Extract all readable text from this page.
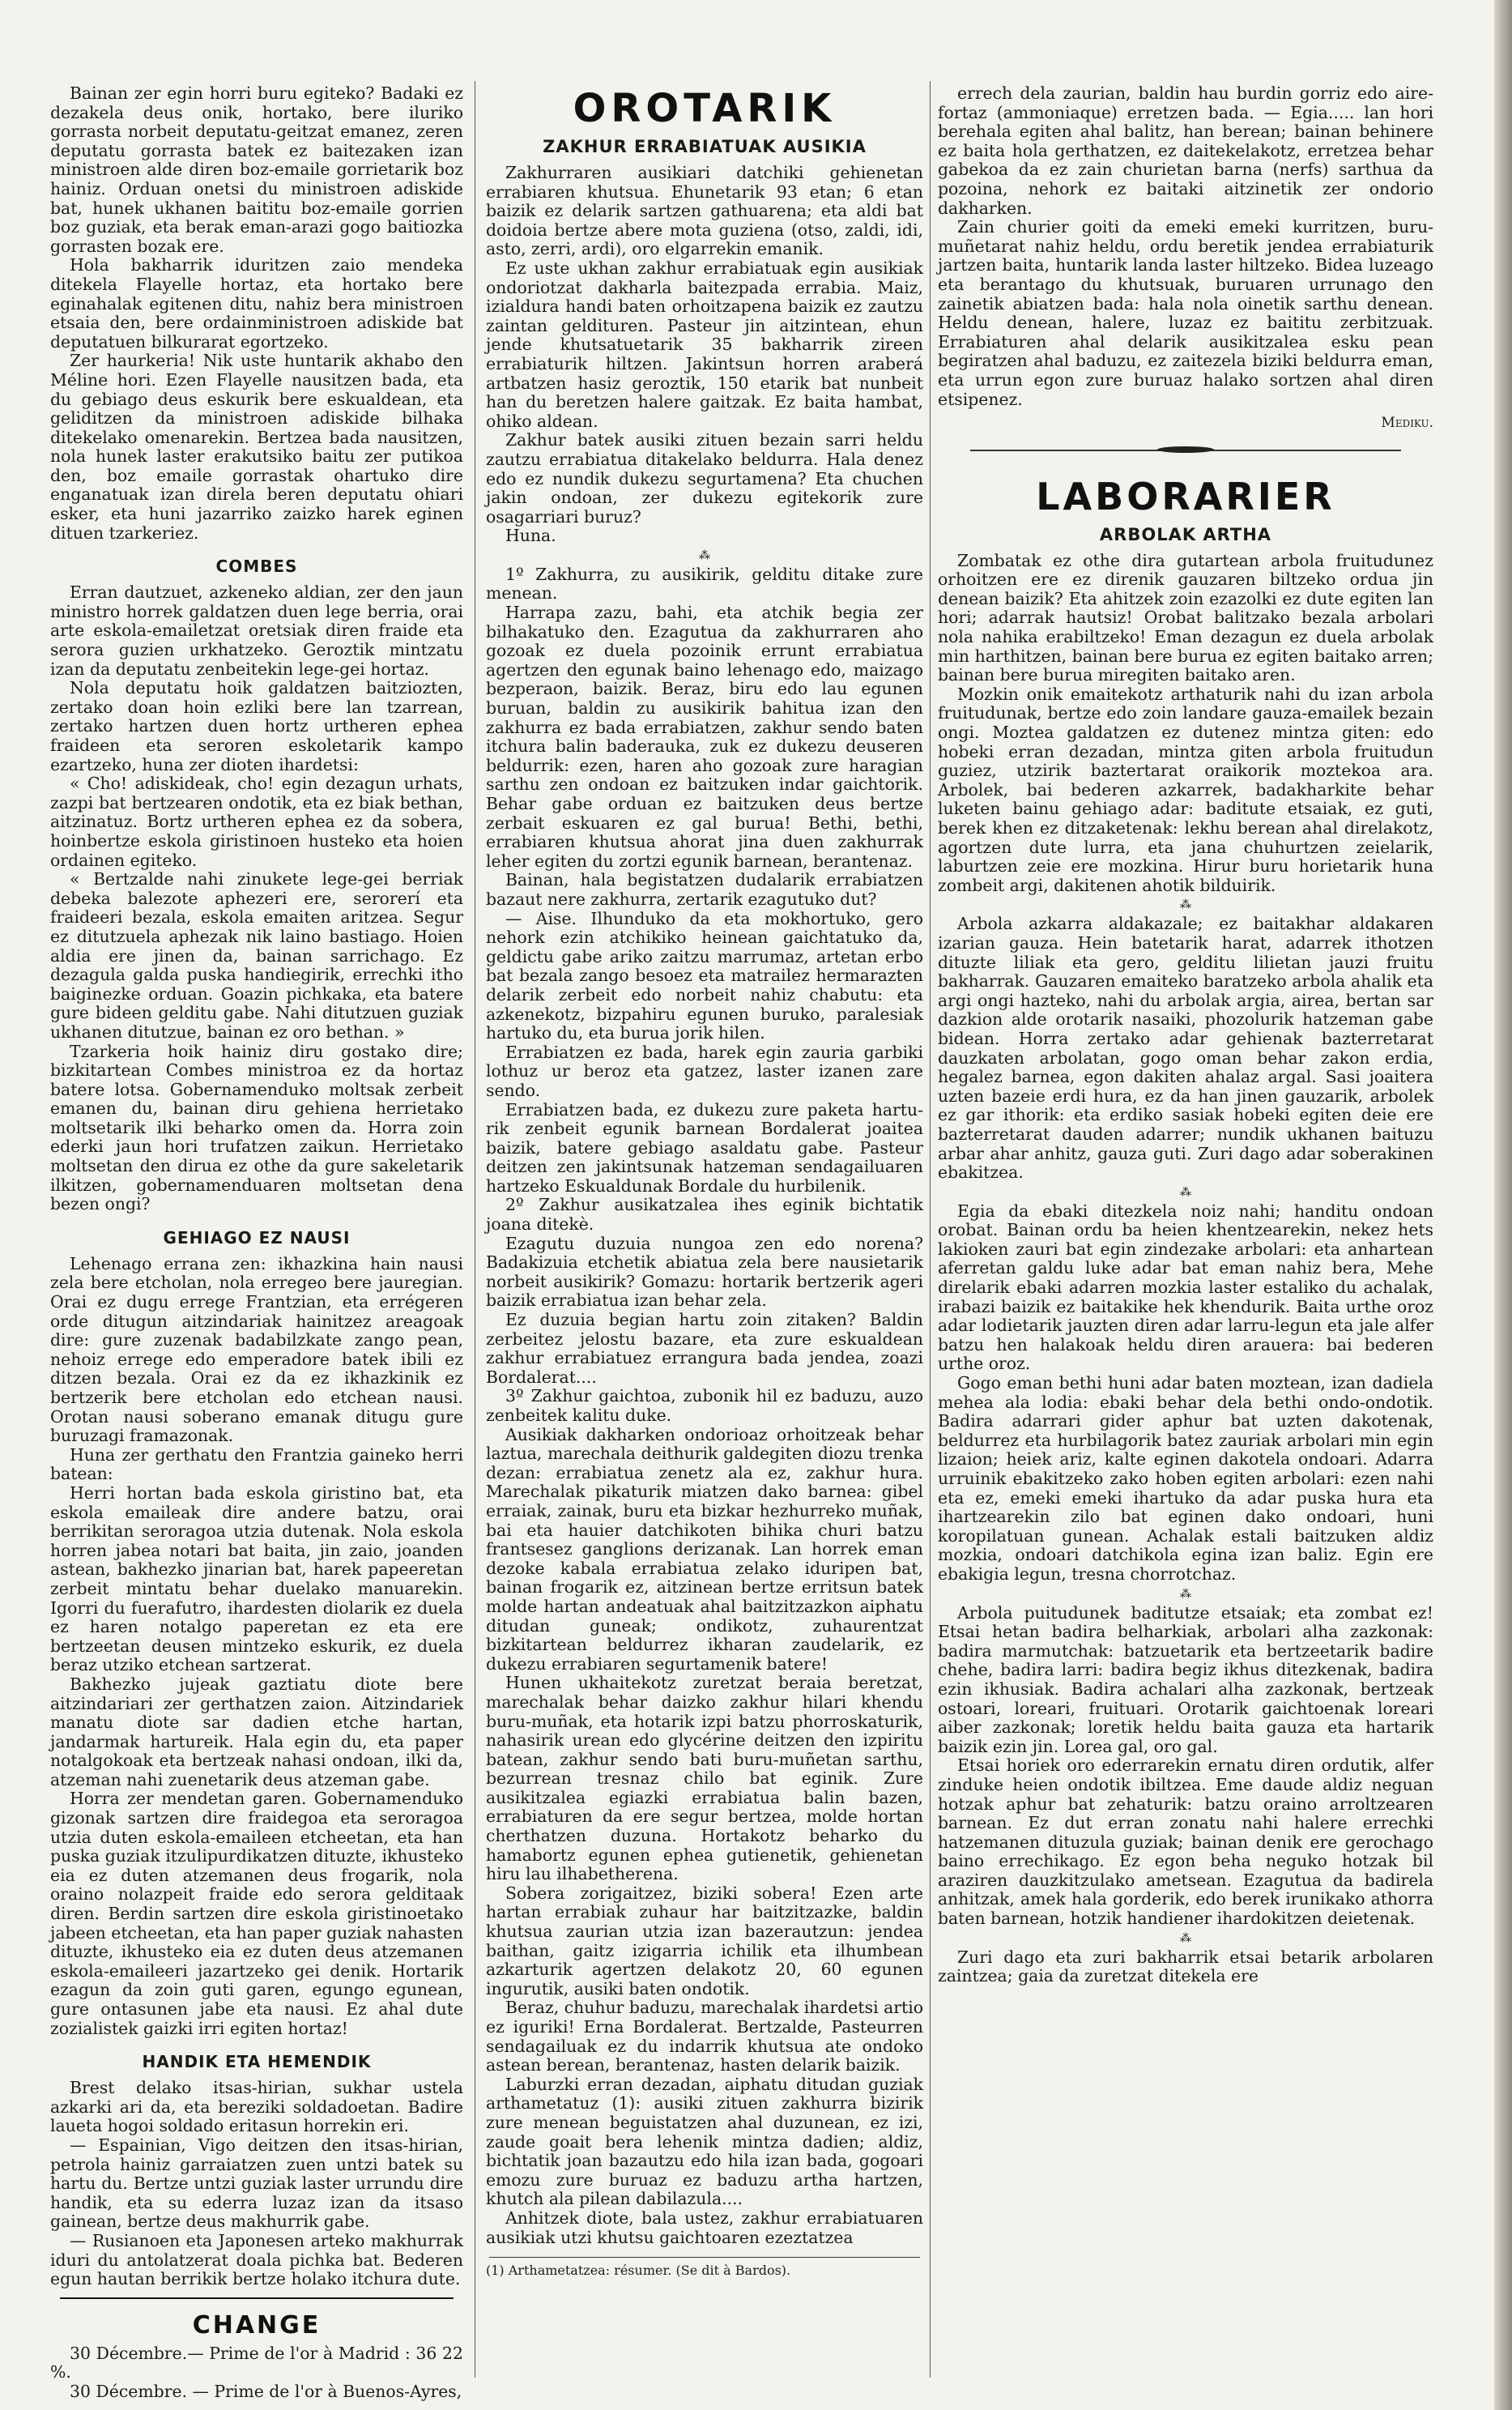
Bainan zer egin horri buru egiteko? Badaki ez dezakela deus onik, hortako, bere iluriko gorrasta norbeit deputatu-geitzat emanez, zeren deputatu gorrasta batek ez baitezaken izan ministroen alde diren boz-emaile gorrietarik boz hainiz. Orduan onetsi du ministroen adiskide bat, hunek ukhanen baititu boz-emaile gorrien boz guziak, eta berak eman-arazi gogo baitiozka gorrasten bozak ere.

Hola bakharrik iduritzen zaio mendeka ditekela Flayelle hortaz, eta hortako bere eginahalak egitenen ditu, nahiz bera ministroen etsaia den, bere ordainministroen adiskide bat deputatuen bilkurarat egortzeko.

Zer haurkeria! Nik uste huntarik akhabo den Méline hori. Ezen Flayelle nausitzen bada, eta du gebiago deus eskurik bere eskualdean, eta geliditzen da ministroen adiskide bilhaka ditekelako omenarekin. Bertzea bada nausitzen, nola hunek laster erakutsiko baitu zer putikoa den, boz emaile gorrastak ohartuko dire enganatuak izan direla beren deputatu ohiari esker, eta huni jazarriko zaizko harek eginen dituen tzarkeriez.

COMBES

Erran dautzuet, azkeneko aldian, zer den jaun ministro horrek galdatzen duen lege berria, orai arte eskola-emailetzat oretsiak diren fraide eta serora guzien urkhatzeko. Geroztik mintzatu izan da deputatu zenbeitekin lege-gei hortaz.

Nola deputatu hoik galdatzen baitziozten, zertako doan hoin ezliki bere lan tzarrean, zertako hartzen duen hortz urtheren ephea fraideen eta seroren eskoletarik kampo ezartzeko, huna zer dioten ihardetsi:

« Cho! adiskideak, cho! egin dezagun urhats, zazpi bat bertzearen ondotik, eta ez biak bethan, aitzinatuz. Bortz urtheren ephea ez da sobera, hoinbertze eskola giristinoen husteko eta hoien ordainen egiteko.

« Bertzalde nahi zinukete lege-gei berriak debeka balezote aphezeri ere, serorerí eta fraideeri bezala, eskola emaiten aritzea. Segur ez ditutzuela aphezak nik laino bastiago. Hoien aldia ere jinen da, bainan sarrichago. Ez dezagula galda puska handiegirik, errechki itho baiginezke orduan. Goazin pichkaka, eta batere gure bideen gelditu gabe. Nahi ditutzuen guziak ukhanen ditutzue, bainan ez oro bethan. »

Tzarkeria hoik hainiz diru gostako dire; bizkitartean Combes ministroa ez da hortaz batere lotsa. Gobernamenduko moltsak zerbeit emanen du, bainan diru gehiena herrietako moltsetarik ilki beharko omen da. Horra zoin ederki jaun hori trufatzen zaikun. Herrietako moltsetan den dirua ez othe da gure sakeletarik ilkitzen, gobernamenduaren moltsetan dena bezen ongi?

GEHIAGO EZ NAUSI

Lehenago errana zen: ikhazkina hain nausi zela bere etcholan, nola erregeo bere jauregian. Orai ez dugu errege Frantzian, eta errégeren orde ditugun aitzindariak hainitzez areagoak dire: gure zuzenak badabilzkate zango pean, nehoiz errege edo emperadore batek ibili ez ditzen bezala. Orai ez da ez ikhazkinik ez bertzerik bere etcholan edo etchean nausi. Orotan nausi soberano emanak ditugu gure buruzagi framazonak.

Huna zer gerthatu den Frantzia gaineko herri batean:

Herri hortan bada eskola giristino bat, eta eskola emaileak dire andere batzu, orai berrikitan seroragoa utzia dutenak. Nola eskola horren jabea notari bat baita, jin zaio, joanden astean, bakhezko jinarian bat, harek papeeretan zerbeit mintatu behar duelako manuarekin. Igorri du fuerafutro, ihardesten diolarik ez duela ez haren notalgo paperetan ez eta ere bertzeetan deusen mintzeko eskurik, ez duela beraz utziko etchean sartzerat.

Bakhezko jujeak gaztiatu diote bere aitzindariari zer gerthatzen zaion. Aitzindariek manatu diote sar dadien etche hartan, jandarmak hartureik. Hala egin du, eta paper notalgokoak eta bertzeak nahasi ondoan, ilki da, atzeman nahi zuenetarik deus atzeman gabe.

Horra zer mendetan garen. Gobernamenduko gizonak sartzen dire fraidegoa eta seroragoa utzia duten eskola-emaileen etcheetan, eta han puska guziak itzulipurdikatzen dituzte, ikhusteko eia ez duten atzemanen deus frogarik, nola oraino nolazpeit fraide edo serora gelditaak diren. Berdin sartzen dire eskola giristinoetako jabeen etcheetan, eta han paper guziak nahasten dituzte, ikhusteko eia ez duten deus atzemanen eskola-emaileeri jazartzeko gei denik. Hortarik ezagun da zoin guti garen, egungo egunean, gure ontasunen jabe eta nausi. Ez ahal dute zozialistek gaizki irri egiten hortaz!

HANDIK ETA HEMENDIK

Brest delako itsas-hirian, sukhar ustela azkarki ari da, eta bereziki soldadoetan. Badire laueta hogoi soldado eritasun horrekin eri.

— Espainian, Vigo deitzen den itsas-hirian, petrola hainiz garraiatzen zuen untzi batek su hartu du. Bertze untzi guziak laster urrundu dire handik, eta su ederra luzaz izan da itsaso gainean, bertze deus makhurrik gabe.

— Rusianoen eta Japonesen arteko makhurrak iduri du antolatzerat doala pichka bat. Bederen egun hautan berrikik bertze holako itchura dute.

CHANGE

30 Décembre.— Prime de l'or à Madrid : 36 22 %.

30 Décembre. — Prime de l'or à Buenos-Ayres,

OROTARIK
ZAKHUR ERRABIATUAK AUSIKIA

Zakhurraren ausikiari datchiki gehienetan errabiaren khutsua. Ehunetarik 93 etan; 6 etan baizik ez delarik sartzen gathuarena; eta aldi bat doidoia bertze abere mota guziena (otso, zaldi, idi, asto, zerri, ardi), oro elgarrekin emanik.

Ez uste ukhan zakhur errabiatuak egin ausikiak ondoriotzat dakharla baitezpada errabia. Maiz, izialdura handi baten orhoitzapena baizik ez zautzu zaintan geldituren. Pasteur jin aitzintean, ehun jende khutsatuetarik 35 bakharrik zireen errabiaturik hiltzen. Jakintsun horren araberá artbatzen hasiz geroztik, 150 etarik bat nunbeit han du beretzen halere gaitzak. Ez baita hambat, ohiko aldean.

Zakhur batek ausiki zituen bezain sarri heldu zautzu errabiatua ditakelako beldurra. Hala denez edo ez nundik dukezu segurtamena? Eta chuchen jakin ondoan, zer dukezu egitekorik zure osagarriari buruz?

Huna.

⁂

1º Zakhurra, zu ausikirik, gelditu ditake zure menean.

Harrapa zazu, bahi, eta atchik begia zer bilhakatuko den. Ezagutua da zakhurraren aho gozoak ez duela pozoinik errunt errabiatua agertzen den egunak baino lehenago edo, maizago bezperaon, baizik. Beraz, biru edo lau egunen buruan, baldin zu ausikirik bahitua izan den zakhurra ez bada errabiatzen, zakhur sendo baten itchura balin baderauka, zuk ez dukezu deuseren beldurrik: ezen, haren aho gozoak zure haragian sarthu zen ondoan ez baitzuken indar gaichtorik. Behar gabe orduan ez baitzuken deus bertze zerbait eskuaren ez gal burua! Bethi, bethi, errabiaren khutsua ahorat jina duen zakhurrak leher egiten du zortzi egunik barnean, berantenaz.

Bainan, hala begistatzen dudalarik errabiatzen bazaut nere zakhurra, zertarik ezagutuko dut?

— Aise. Ilhunduko da eta mokhortuko, gero nehork ezin atchikiko heinean gaichtatuko da, geldictu gabe ariko zaitzu marrumaz, artetan erbo bat bezala zango besoez eta matrailez hermarazten delarik zerbeit edo norbeit nahiz chabutu: eta azkenekotz, bizpahiru egunen buruko, paralesiak hartuko du, eta burua jorik hilen.

Errabiatzen ez bada, harek egin zauria garbiki lothuz ur beroz eta gatzez, laster izanen zare sendo.

Errabiatzen bada, ez dukezu zure paketa hartu-rik zenbeit egunik barnean Bordalerat joaitea baizik, batere gebiago asaldatu gabe. Pasteur deitzen zen jakintsunak hatzeman sendagailuaren hartzeko Eskualdunak Bordale du hurbilenik.

2º Zakhur ausikatzalea ihes eginik bichtatik joana ditekè.

Ezagutu duzuia nungoa zen edo norena? Badakizuia etchetik abiatua zela bere nausietarik norbeit ausikirik? Gomazu: hortarik bertzerik ageri baizik errabiatua izan behar zela.

Ez duzuia begian hartu zoin zitaken? Baldin zerbeitez jelostu bazare, eta zure eskualdean zakhur errabiatuez errangura bada jendea, zoazi Bordalerat....

3º Zakhur gaichtoa, zubonik hil ez baduzu, auzo zenbeitek kalitu duke.

Ausikiak dakharken ondorioaz orhoitzeak behar laztua, marechala deithurik galdegiten diozu trenka dezan: errabiatua zenetz ala ez, zakhur hura. Marechalak pikaturik miatzen dako barnea: gibel erraiak, zainak, buru eta bizkar hezhurreko muñak, bai eta hauier datchikoten bihika churi batzu frantsesez ganglions derizanak. Lan horrek eman dezoke kabala errabiatua zelako iduripen bat, bainan frogarik ez, aitzinean bertze erritsun batek molde hartan andeatuak ahal baitzitzazkon aiphatu ditudan guneak; ondikotz, zuhaurentzat bizkitartean beldurrez ikharan zaudelarik, ez dukezu errabiaren segurtamenik batere!

Hunen ukhaitekotz zuretzat beraia beretzat, marechalak behar daizko zakhur hilari khendu buru-muñak, eta hotarik izpi batzu phorroskaturik, nahasirik urean edo glycérine deitzen den izpiritu batean, zakhur sendo bati buru-muñetan sarthu, bezurrean tresnaz chilo bat eginik. Zure ausikitzalea egiazki errabiatua balin bazen, errabiaturen da ere segur bertzea, molde hortan cherthatzen duzuna. Hortakotz beharko du hamabortz egunen ephea gutienetik, gehienetan hiru lau ilhabetherena.

Sobera zorigaitzez, biziki sobera! Ezen arte hartan errabiak zuhaur har baitzitzazke, baldin khutsua zaurian utzia izan bazerautzun: jendea baithan, gaitz izigarria ichilik eta ilhumbean azkarturik agertzen delakotz 20, 60 egunen ingurutik, ausiki baten ondotik.

Beraz, chuhur baduzu, marechalak ihardetsi artio ez iguriki! Erna Bordalerat. Bertzalde, Pasteurren sendagailuak ez du indarrik khutsua ate ondoko astean berean, berantenaz, hasten delarik baizik.

Laburzki erran dezadan, aiphatu ditudan guziak arthametatuz (1): ausiki zituen zakhurra bizirik zure menean beguistatzen ahal duzunean, ez izi, zaude goait bera lehenik mintza dadien; aldiz, bichtatik joan bazautzu edo hila izan bada, gogoari emozu zure buruaz ez baduzu artha hartzen, khutch ala pilean dabilazula....

Anhitzek diote, bala ustez, zakhur errabiatuaren ausikiak utzi khutsu gaichtoaren ezeztatzea

(1) Arthametatzea: résumer. (Se dit à Bardos).

errech dela zaurian, baldin hau burdin gorriz edo aire-fortaz (ammoniaque) erretzen bada. — Egia..... lan hori berehala egiten ahal balitz, han berean; bainan behinere ez baita hola gerthatzen, ez daitekelakotz, erretzea behar gabekoa da ez zain churietan barna (nerfs) sarthua da pozoina, nehork ez baitaki aitzinetik zer ondorio dakharken.

Zain churier goiti da emeki emeki kurritzen, buru-muñetarat nahiz heldu, ordu beretik jendea errabiaturik jartzen baita, huntarik landa laster hiltzeko. Bidea luzeago eta berantago du khutsuak, buruaren urrunago den zainetik abiatzen bada: hala nola oinetik sarthu denean. Heldu denean, halere, luzaz ez baititu zerbitzuak. Errabiaturen ahal delarik ausikitzalea esku pean begiratzen ahal baduzu, ez zaitezela biziki beldurra eman, eta urrun egon zure buruaz halako sortzen ahal diren etsipenez.

Mediku.
LABORARIER
ARBOLAK ARTHA

Zombatak ez othe dira gutartean arbola fruitudunez orhoitzen ere ez direnik gauzaren biltzeko ordua jin denean baizik? Eta ahitzek zoin ezazolki ez dute egiten lan hori; adarrak hautsiz! Orobat balitzako bezala arbolari nola nahika erabiltzeko! Eman dezagun ez duela arbolak min harthitzen, bainan bere burua ez egiten baitako arren; bainan bere burua miregiten baitako aren.

Mozkin onik emaitekotz arthaturik nahi du izan arbola fruitudunak, bertze edo zoin landare gauza-emailek bezain ongi. Moztea galdatzen ez dutenez mintza giten: edo hobeki erran dezadan, mintza giten arbola fruitudun guziez, utzirik baztertarat oraikorik moztekoa ara. Arbolek, bai bederen azkarrek, badakharkite behar luketen bainu gehiago adar: baditute etsaiak, ez guti, berek khen ez ditzaketenak: lekhu berean ahal direlakotz, agortzen dute lurra, eta jana chuhurtzen zeielarik, laburtzen zeie ere mozkina. Hirur buru horietarik huna zombeit argi, dakitenen ahotik bilduirik.

⁂

Arbola azkarra aldakazale; ez baitakhar aldakaren izarian gauza. Hein batetarik harat, adarrek ithotzen dituzte liliak eta gero, gelditu lilietan jauzi fruitu bakharrak. Gauzaren emaiteko baratzeko arbola ahalik eta argi ongi hazteko, nahi du arbolak argia, airea, bertan sar dazkion alde orotarik nasaiki, phozolurik hatzeman gabe bidean. Horra zertako adar gehienak bazterretarat dauzkaten arbolatan, gogo oman behar zakon erdia, hegalez barnea, egon dakiten ahalaz argal. Sasi joaitera uzten bazeie erdi hura, ez da han jinen gauzarik, arbolek ez gar ithorik: eta erdiko sasiak hobeki egiten deie ere bazterretarat dauden adarrer; nundik ukhanen baituzu arbar ahar anhitz, gauza guti. Zuri dago adar soberakinen ebakitzea.

⁂

Egia da ebaki ditezkela noiz nahi; handitu ondoan orobat. Bainan ordu ba heien khentzearekin, nekez hets lakioken zauri bat egin zindezake arbolari: eta anhartean aferretan galdu luke adar bat eman nahiz bera, Mehe direlarik ebaki adarren mozkia laster estaliko du achalak, irabazi baizik ez baitakike hek khendurik. Baita urthe oroz adar lodietarik jauzten diren adar larru-legun eta jale alfer batzu hen halakoak heldu diren arauera: bai bederen urthe oroz.

Gogo eman bethi huni adar baten moztean, izan dadiela mehea ala lodia: ebaki behar dela bethi ondo-ondotik. Badira adarrari gider aphur bat uzten dakotenak, beldurrez eta hurbilagorik batez zauriak arbolari min egin lizaion; heiek ariz, kalte eginen dakotela ondoari. Adarra urruinik ebakitzeko zako hoben egiten arbolari: ezen nahi eta ez, emeki emeki ihartuko da adar puska hura eta ihartzearekin zilo bat eginen dako ondoari, huni koropilatuan gunean. Achalak estali baitzuken aldiz mozkia, ondoari datchikola egina izan baliz. Egin ere ebakigia legun, tresna chorrotchaz.

⁂

Arbola puitudunek baditutze etsaiak; eta zombat ez! Etsai hetan badira belharkiak, arbolari alha zazkonak: badira marmutchak: batzuetarik eta bertzeetarik badire chehe, badira larri: badira begiz ikhus ditezkenak, badira ezin ikhusiak. Badira achalari alha zazkonak, bertzeak ostoari, loreari, fruituari. Orotarik gaichtoenak loreari aiber zazkonak; loretik heldu baita gauza eta hartarik baizik ezin jin. Lorea gal, oro gal.

Etsai horiek oro ederrarekin ernatu diren ordutik, alfer zinduke heien ondotik ibiltzea. Eme daude aldiz neguan hotzak aphur bat zehaturik: batzu oraino arroltzearen barnean. Ez dut erran zonatu nahi halere errechki hatzemanen dituzula guziak; bainan denik ere gerochago baino errechikago. Ez egon beha neguko hotzak bil araziren dauzkitzulako ametsean. Ezagutua da badirela anhitzak, amek hala gorderik, edo berek irunikako athorra baten barnean, hotzik handiener ihardokitzen deietenak.

⁂

Zuri dago eta zuri bakharrik etsai betarik arbolaren zaintzea; gaia da zuretzat ditekela ere
